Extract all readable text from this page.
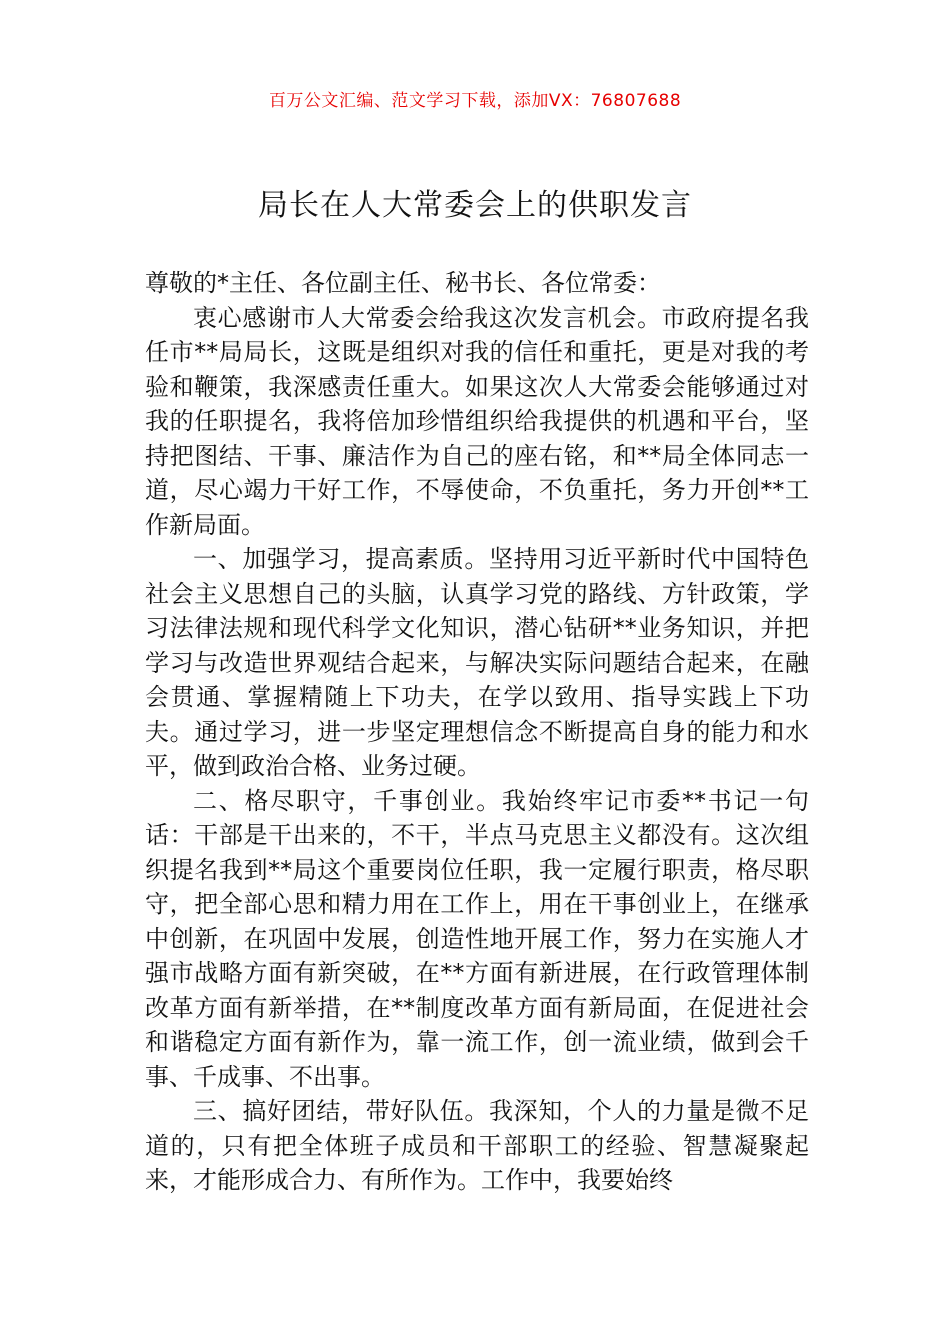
百万公文汇编、范文学习下载，添加VX：76807688
局长在人大常委会上的供职发言

尊敬的*主任、各位副主任、秘书长、各位常委：

衷心感谢市人大常委会给我这次发言机会。市政府提名我任市**局局长，这既是组织对我的信任和重托，更是对我的考验和鞭策，我深感责任重大。如果这次人大常委会能够通过对我的任职提名，我将倍加珍惜组织给我提供的机遇和平台，坚持把图结、干事、廉洁作为自己的座右铭，和**局全体同志一道，尽心竭力干好工作，不辱使命，不负重托，务力开创**工作新局面。

一、加强学习，提高素质。坚持用习近平新时代中国特色社会主义思想自己的头脑，认真学习党的路线、方针政策，学习法律法规和现代科学文化知识，潜心钻研**业务知识，并把学习与改造世界观结合起来，与解决实际问题结合起来，在融会贯通、掌握精随上下功夫，在学以致用、指导实践上下功夫。通过学习，进一步坚定理想信念不断提高自身的能力和水平，做到政治合格、业务过硬。

二、格尽职守，千事创业。我始终牢记市委**书记一句话：干部是干出来的，不干，半点马克思主义都没有。这次组织提名我到**局这个重要岗位任职，我一定履行职责，格尽职守，把全部心思和精力用在工作上，用在干事创业上，在继承中创新，在巩固中发展，创造性地开展工作，努力在实施人才强市战略方面有新突破，在**方面有新进展，在行政管理体制改革方面有新举措，在**制度改革方面有新局面，在促进社会和谐稳定方面有新作为，靠一流工作，创一流业绩，做到会千事、千成事、不出事。

三、搞好团结，带好队伍。我深知，个人的力量是微不足道的，只有把全体班子成员和干部职工的经验、智慧凝聚起来，才能形成合力、有所作为。工作中，我要始终
